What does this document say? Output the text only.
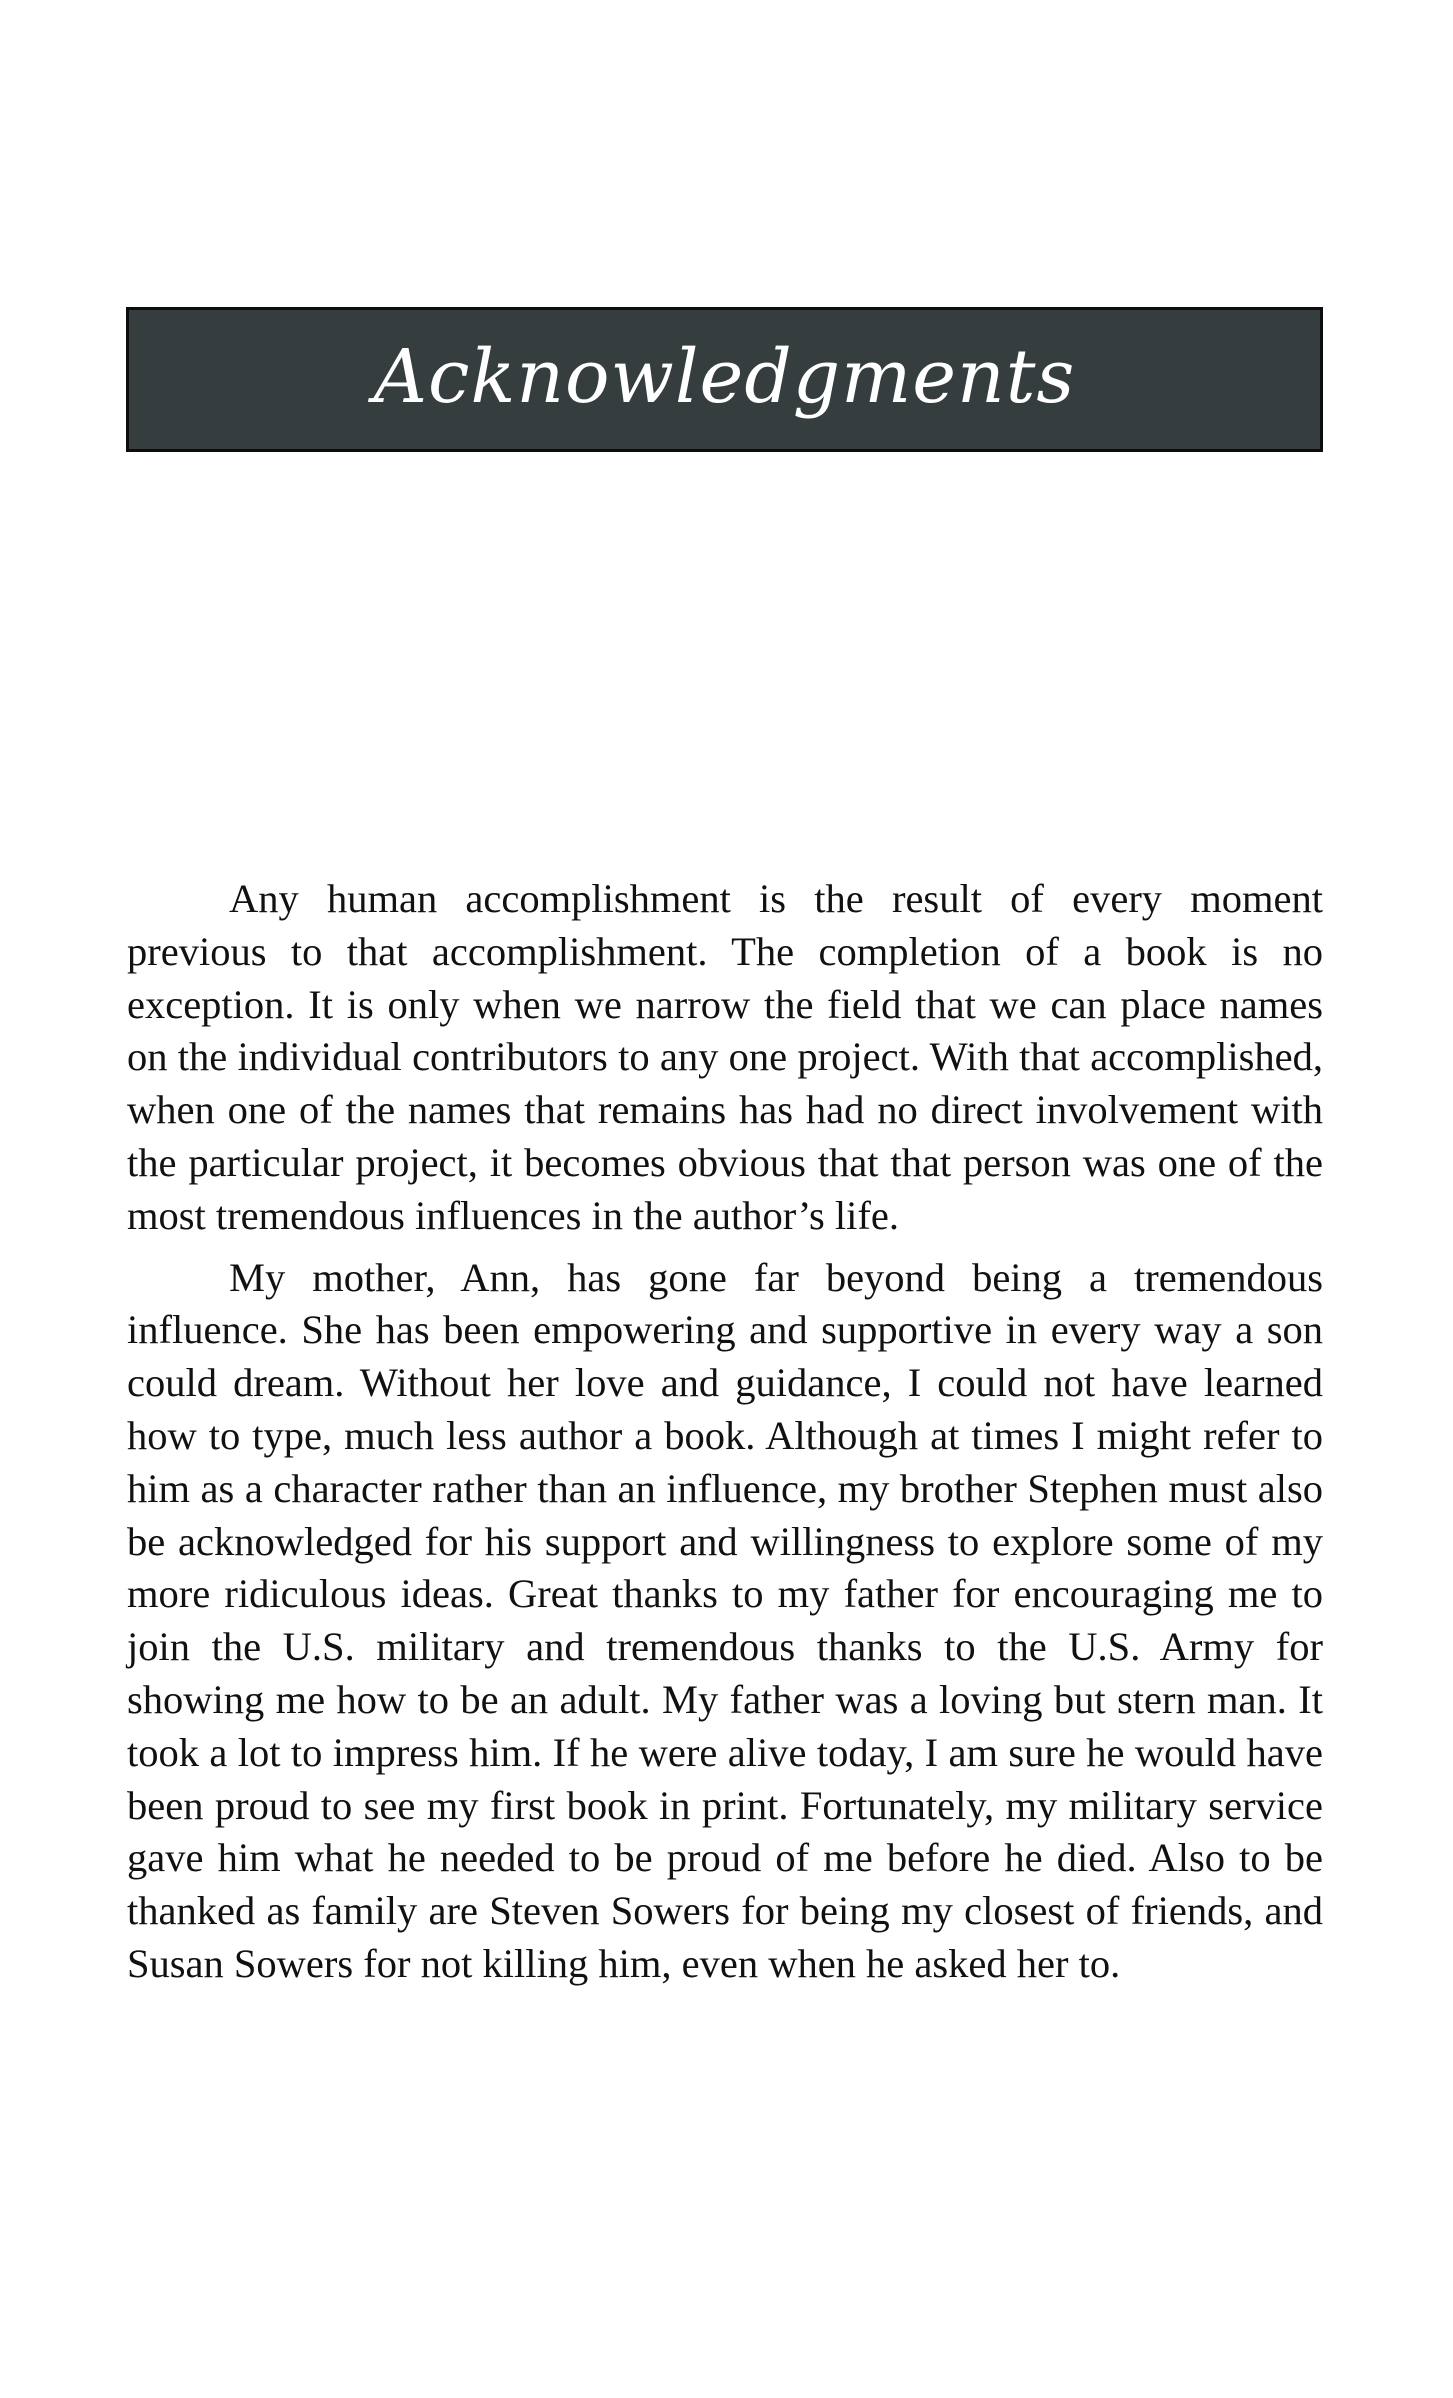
Acknowledgments

Any human accomplishment is the result of every moment previous to that accomplishment. The completion of a book is no exception. It is only when we narrow the field that we can place names on the individual contributors to any one project. With that accomplished, when one of the names that remains has had no direct involvement with the particular project, it becomes obvious that that person was one of the most tremendous influences in the author’s life.

My mother, Ann, has gone far beyond being a tremendous influence. She has been empowering and supportive in every way a son could dream. Without her love and guidance, I could not have learned how to type, much less author a book. Although at times I might refer to him as a character rather than an influence, my brother Stephen must also be acknowledged for his support and willingness to explore some of my more ridiculous ideas. Great thanks to my father for encouraging me to join the U.S. military and tremendous thanks to the U.S. Army for showing me how to be an adult. My father was a loving but stern man. It took a lot to impress him. If he were alive today, I am sure he would have been proud to see my first book in print. Fortunately, my military service gave him what he needed to be proud of me before he died. Also to be thanked as family are Steven Sowers for being my closest of friends, and Susan Sowers for not killing him, even when he asked her to.
